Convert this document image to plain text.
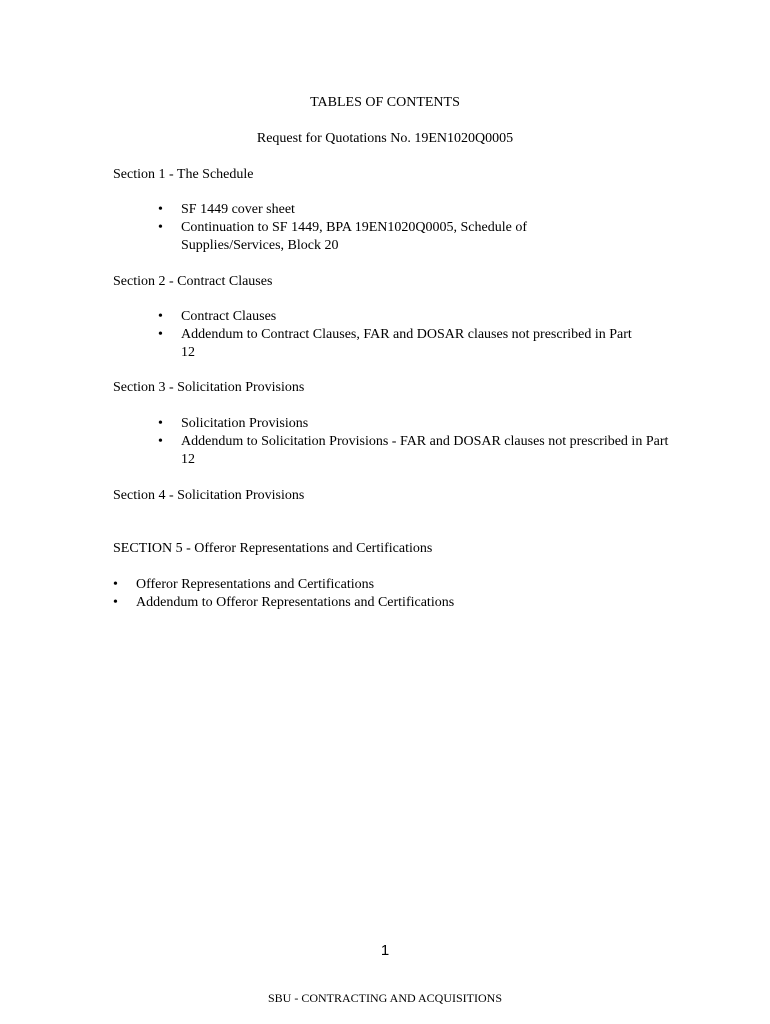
TABLES OF CONTENTS
Request for Quotations No. 19EN1020Q0005
Section 1 - The Schedule
•	SF 1449 cover sheet
•	Continuation to SF 1449, BPA 19EN1020Q0005, Schedule of Supplies/Services, Block 20
Section 2 - Contract Clauses
•	Contract Clauses
•	Addendum to Contract Clauses, FAR and DOSAR clauses not prescribed in Part 12
Section 3 - Solicitation Provisions
•	Solicitation Provisions
•	Addendum to Solicitation Provisions - FAR and DOSAR clauses not prescribed in Part 12
Section 4 - Solicitation Provisions
SECTION 5 - Offeror Representations and Certifications
•	Offeror Representations and Certifications
•	Addendum to Offeror Representations and Certifications
1
SBU - CONTRACTING AND ACQUISITIONS
